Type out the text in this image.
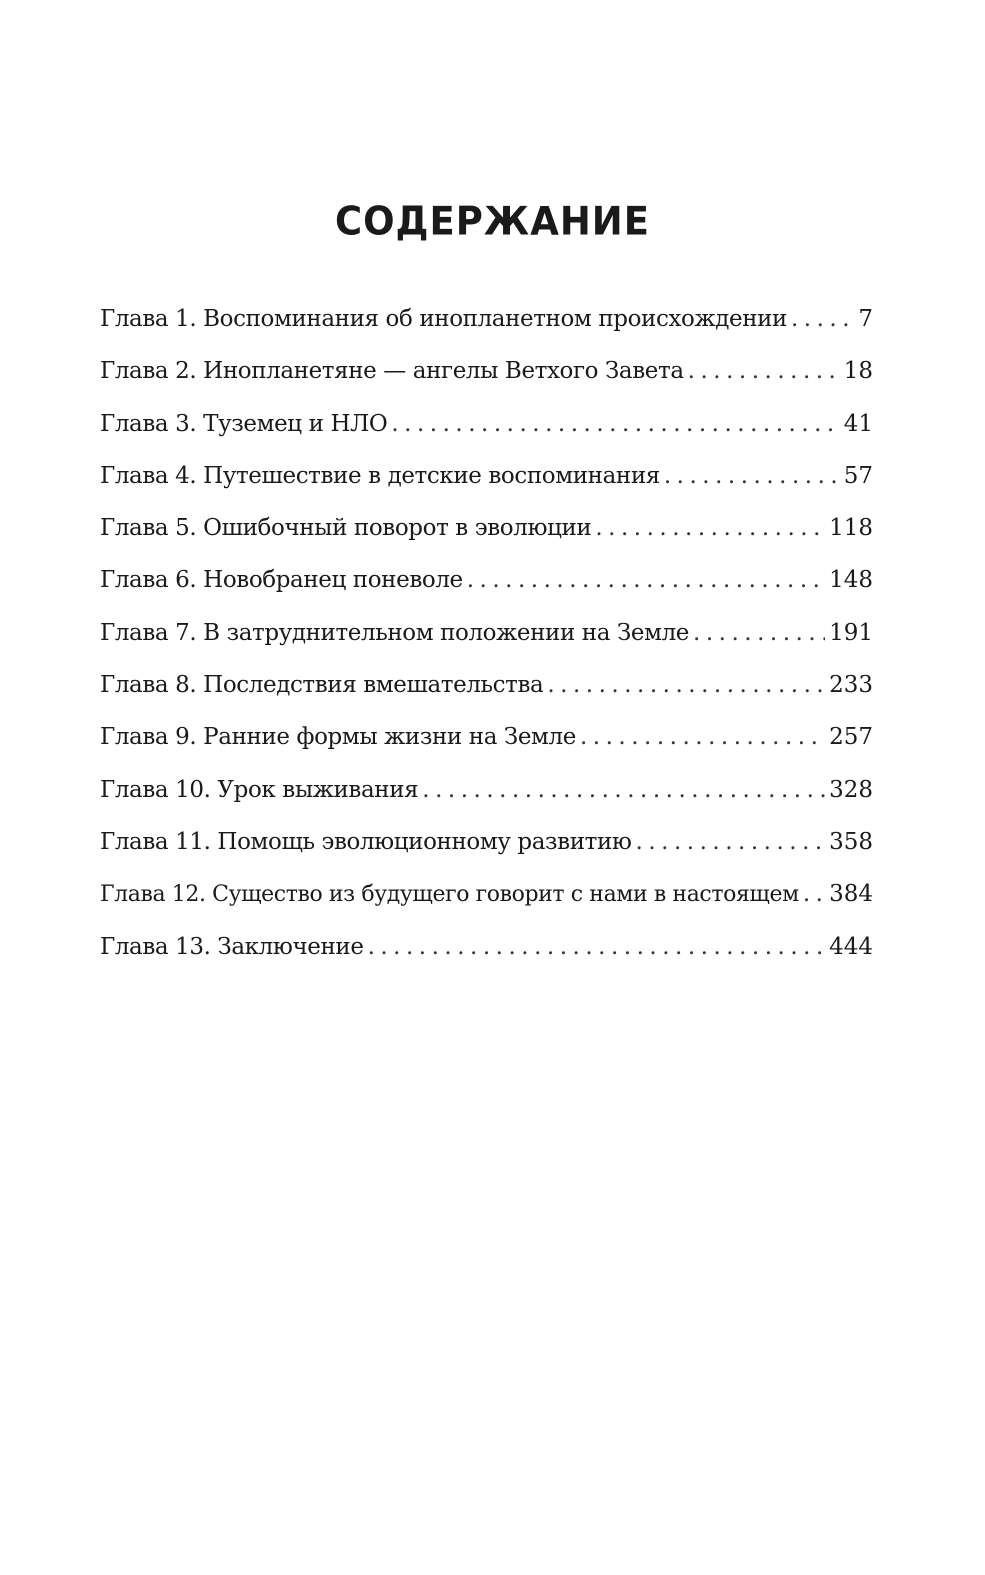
СОДЕРЖАНИЕ
Глава 1. Воспоминания об инопланетном происхождении .....	7
Глава 2. Инопланетяне — ангелы Ветхого Завета .....	18
Глава 3. Туземец и НЛО .....	41
Глава 4. Путешествие в детские воспоминания .....	57
Глава 5. Ошибочный поворот в эволюции .....	118
Глава 6. Новобранец поневоле .....	148
Глава 7. В затруднительном положении на Земле .....	191
Глава 8. Последствия вмешательства .....	233
Глава 9. Ранние формы жизни на Земле .....	257
Глава 10. Урок выживания .....	328
Глава 11. Помощь эволюционному развитию .....	358
Глава 12. Существо из будущего говорит с нами в настоящем ..... 384
Глава 13. Заключение .....	444
